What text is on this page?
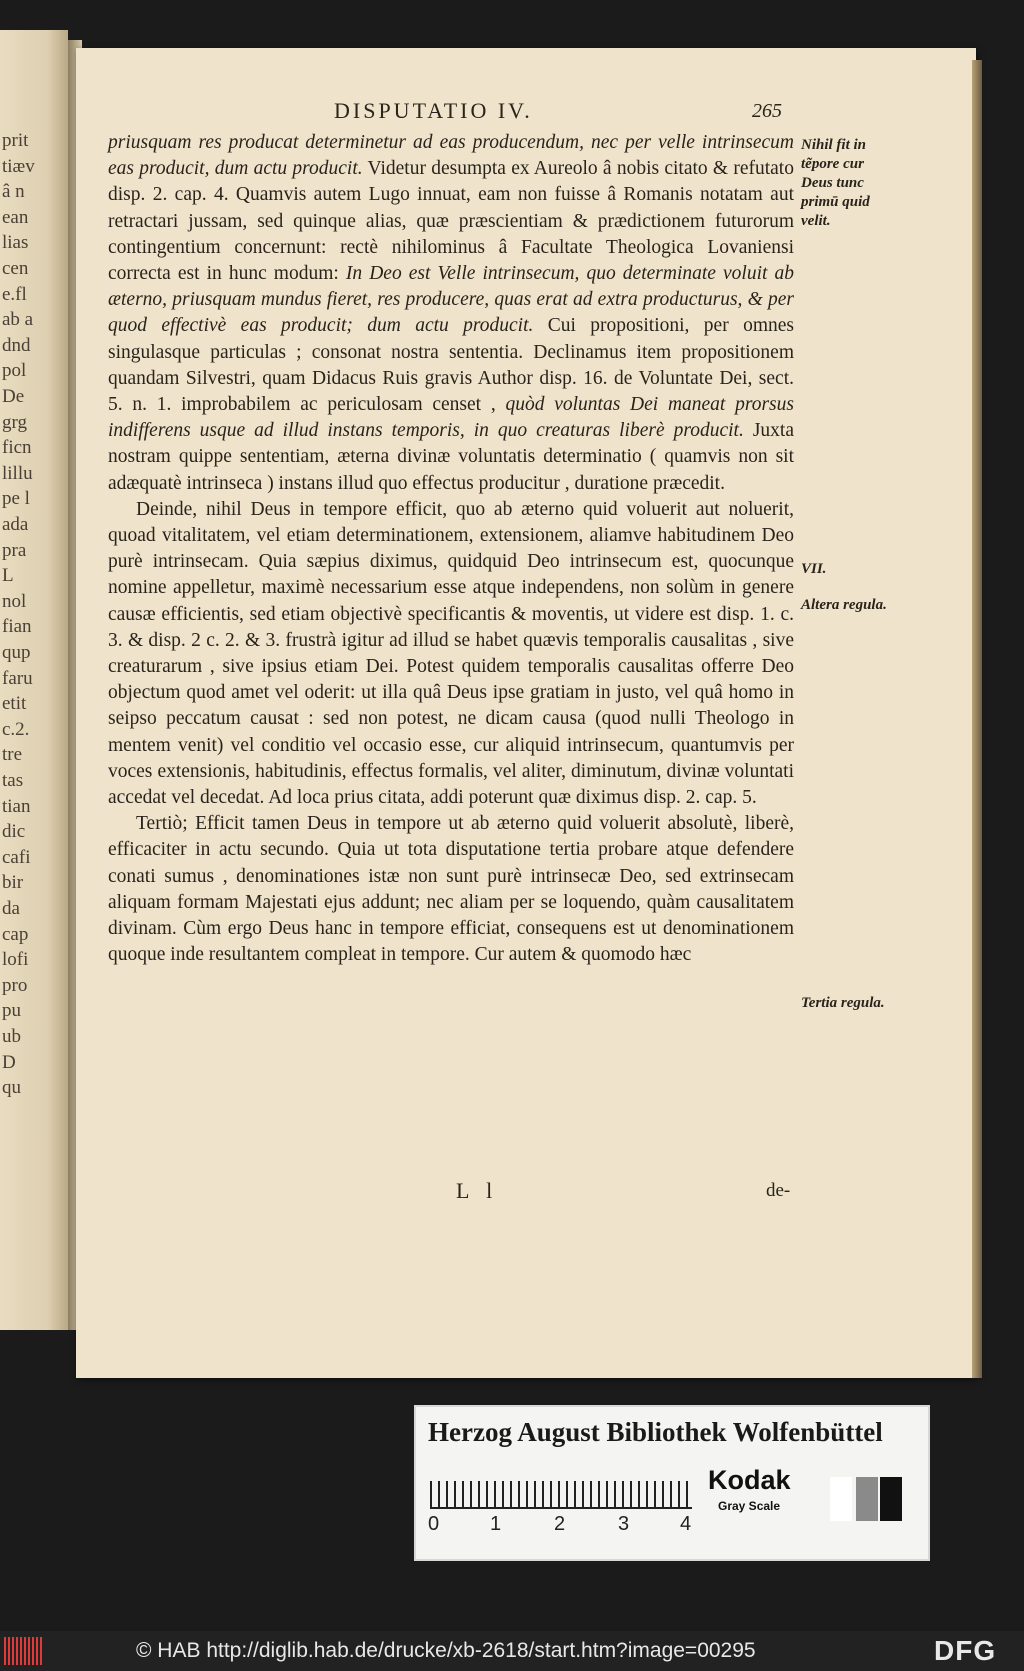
prit
tiæv
â n
ean
lias
cen
e.fl
ab a
dnd
pol
De
grg
ficn
lillu
pe l
ada
pra
L
nol
fian
qup
faru
etit
c.2.
tre
tas
tian
dic
cafi
bir
da
cap
lofi
pro
pu
ub
D
qu
DISPUTATIO IV.	265

priusquam res producat determinetur ad eas producendum, nec per velle intrinsecum eas producit, dum actu producit. Videtur desumpta ex Aureolo â nobis citato & refutato disp. 2. cap. 4. Quamvis autem Lugo innuat, eam non fuisse â Romanis notatam aut retractari jussam, sed quinque alias, quæ præscientiam & prædictionem futurorum contingentium concernunt: rectè nihilominus â Facultate Theologica Lovaniensi correcta est in hunc modum: In Deo est Velle intrinsecum, quo determinate voluit ab æterno, priusquam mundus fieret, res producere, quas erat ad extra producturus, & per quod effectivè eas producit; dum actu producit. Cui propositioni, per omnes singulasque particulas ; consonat nostra sententia. Declinamus item propositionem quandam Silvestri, quam Didacus Ruis gravis Author disp. 16. de Voluntate Dei, sect. 5. n. 1. improbabilem ac periculosam censet , quòd voluntas Dei maneat prorsus indifferens usque ad illud instans temporis, in quo creaturas liberè producit. Juxta nostram quippe sententiam, æterna divinæ voluntatis determinatio ( quamvis non sit adæquatè intrinseca ) instans illud quo effectus producitur , duratione præcedit.

Deinde, nihil Deus in tempore efficit, quo ab æterno quid voluerit aut noluerit, quoad vitalitatem, vel etiam determinationem, extensionem, aliamve habitudinem Deo purè intrinsecam. Quia sæpius diximus, quidquid Deo intrinsecum est, quocunque nomine appelletur, maximè necessarium esse atque independens, non solùm in genere causæ efficientis, sed etiam objectivè specificantis & moventis, ut videre est disp. 1. c. 3. & disp. 2 c. 2. & 3. frustrà igitur ad illud se habet quævis temporalis causalitas , sive creaturarum , sive ipsius etiam Dei. Potest quidem temporalis causalitas offerre Deo objectum quod amet vel oderit: ut illa quâ Deus ipse gratiam in justo, vel quâ homo in seipso peccatum causat : sed non potest, ne dicam causa (quod nulli Theologo in mentem venit) vel conditio vel occasio esse, cur aliquid intrinsecum, quantumvis per voces extensionis, habitudinis, effectus formalis, vel aliter, diminutum, divinæ voluntati accedat vel decedat. Ad loca prius citata, addi poterunt quæ diximus disp. 2. cap. 5.

Tertiò; Efficit tamen Deus in tempore ut ab æterno quid voluerit absolutè, liberè, efficaciter in actu secundo. Quia ut tota disputatione tertia probare atque defendere conati sumus , denominationes istæ non sunt purè intrinsecæ Deo, sed extrinsecam aliquam formam Majestati ejus addunt; nec aliam per se loquendo, quàm causalitatem divinam. Cùm ergo Deus hanc in tempore efficiat, consequens est ut denominationem quoque inde resultantem compleat in tempore. Cur autem & quomodo hæc

Nihil fit in tẽpore cur Deus tunc primū quid velit.
VII.
Altera regula.
Tertia regula.
L l	de-
Herzog August Bibliothek Wolfenbüttel
0	1	2	3	4
Kodak
Gray Scale
© HAB http://diglib.hab.de/drucke/xb-2618/start.htm?image=00295	DFG
